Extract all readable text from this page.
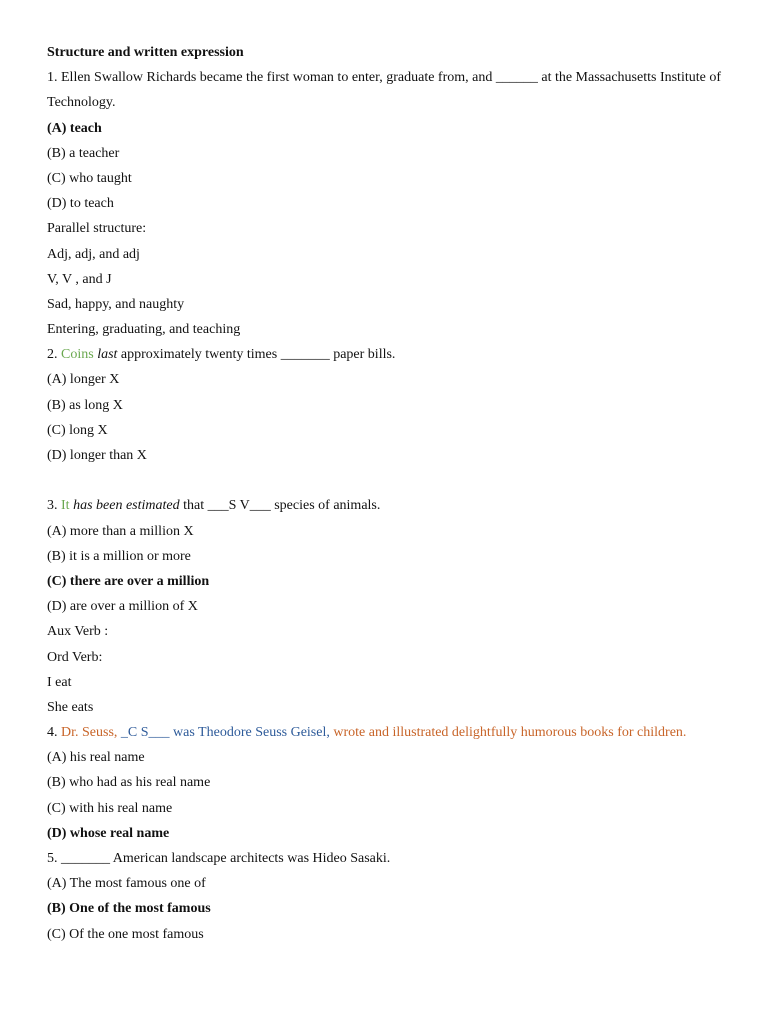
Structure and written expression
1. Ellen Swallow Richards became the first woman to enter, graduate from, and ______ at the Massachusetts Institute of Technology.
(A) teach
(B) a teacher
(C) who taught
(D) to teach
Parallel structure:
Adj, adj, and adj
V, V , and J
Sad, happy, and naughty
Entering, graduating, and teaching
2. Coins last approximately twenty times _______ paper bills.
(A) longer X
(B) as long X
(C) long X
(D) longer than X
3. It has been estimated that ___S V___ species of animals.
(A) more than a million X
(B) it is a million or more
(C) there are over a million
(D) are over a million of X
Aux Verb :
Ord Verb:
I eat
She eats
4. Dr. Seuss, _C S___ was Theodore Seuss Geisel, wrote and illustrated delightfully humorous books for children.
(A) his real name
(B) who had as his real name
(C) with his real name
(D) whose real name
5. _______ American landscape architects was Hideo Sasaki.
(A) The most famous one of
(B) One of the most famous
(C) Of the one most famous
